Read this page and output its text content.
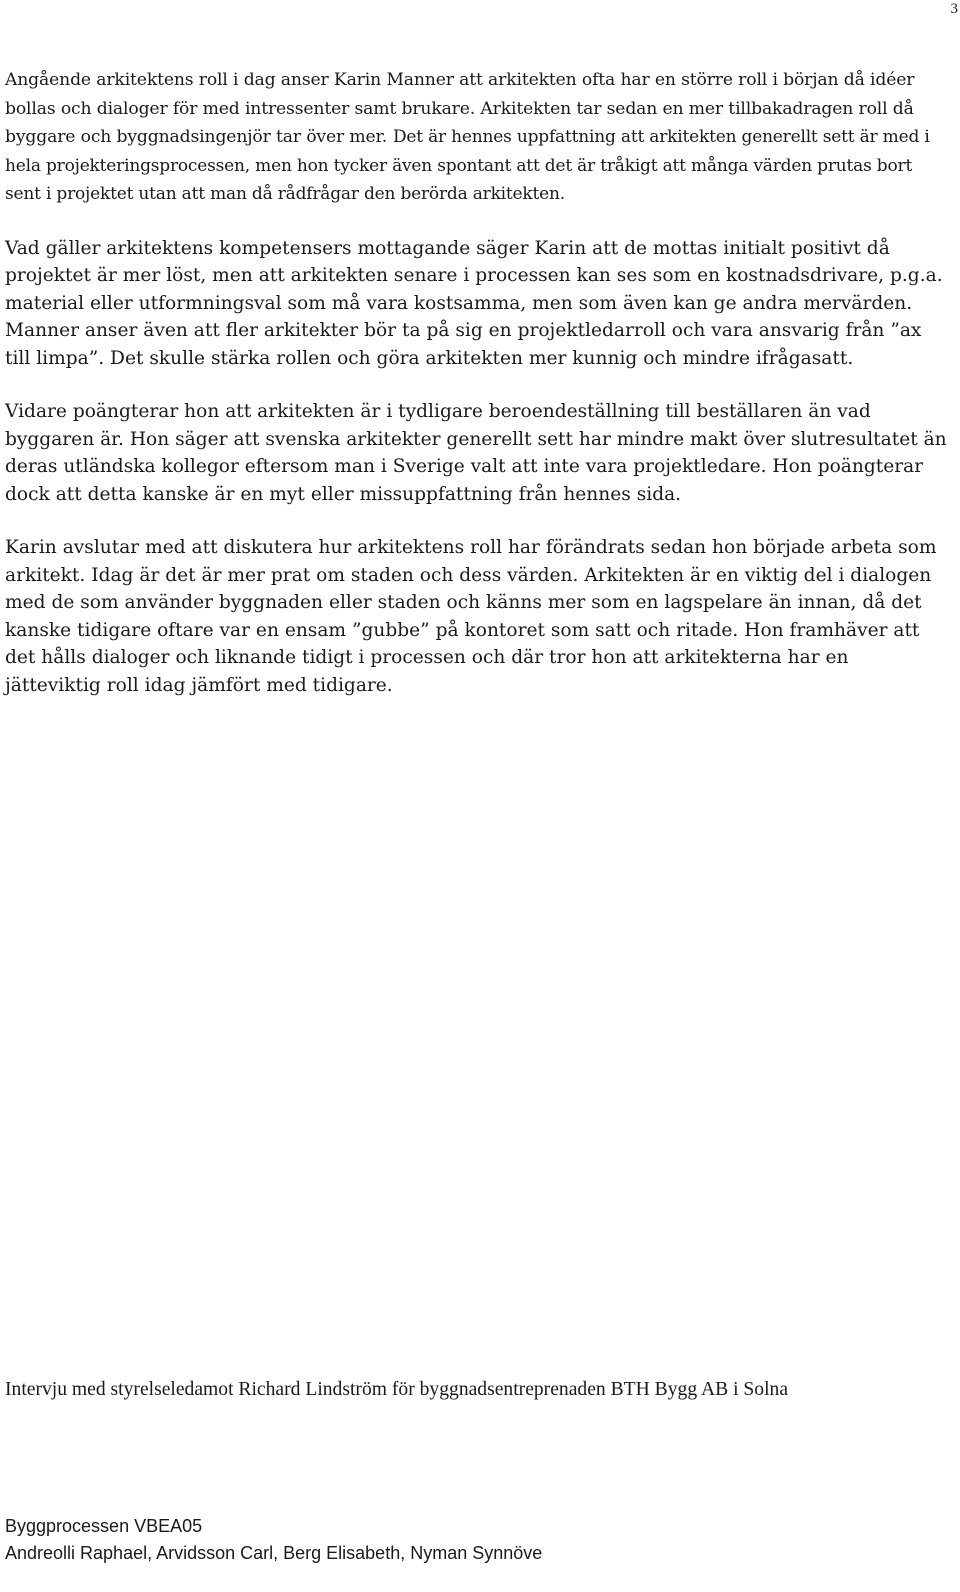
3

Angående arkitektens roll i dag anser Karin Manner att arkitekten ofta har en större roll i början då idéer bollas och dialoger för med intressenter samt brukare. Arkitekten tar sedan en mer tillbakadragen roll då byggare och byggnadsingenjör tar över mer. Det är hennes uppfattning att arkitekten generellt sett är med i hela projekteringsprocessen, men hon tycker även spontant att det är tråkigt att många värden prutas bort sent i projektet utan att man då rådfrågar den berörda arkitekten.

Vad gäller arkitektens kompetensers mottagande säger Karin att de mottas initialt positivt då projektet är mer löst, men att arkitekten senare i processen kan ses som en kostnadsdrivare, p.g.a. material eller utformningsval som må vara kostsamma, men som även kan ge andra mervärden. Manner anser även att fler arkitekter bör ta på sig en projektledarroll och vara ansvarig från ”ax till limpa”. Det skulle stärka rollen och göra arkitekten mer kunnig och mindre ifrågasatt.

Vidare poängterar hon att arkitekten är i tydligare beroendeställning till beställaren än vad byggaren är. Hon säger att svenska arkitekter generellt sett har mindre makt över slutresultatet än deras utländska kollegor eftersom man i Sverige valt att inte vara projektledare. Hon poängterar dock att detta kanske är en myt eller missuppfattning från hennes sida.

Karin avslutar med att diskutera hur arkitektens roll har förändrats sedan hon började arbeta som arkitekt. Idag är det är mer prat om staden och dess värden. Arkitekten är en viktig del i dialogen med de som använder byggnaden eller staden och känns mer som en lagspelare än innan, då det kanske tidigare oftare var en ensam ”gubbe” på kontoret som satt och ritade. Hon framhäver att det hålls dialoger och liknande tidigt i processen och där tror hon att arkitekterna har en jätteviktig roll idag jämfört med tidigare.

Intervju med styrelseledamot Richard Lindström för byggnadsentreprenaden BTH Bygg AB i Solna
Byggprocessen VBEA05
Andreolli Raphael, Arvidsson Carl, Berg Elisabeth, Nyman Synnöve
